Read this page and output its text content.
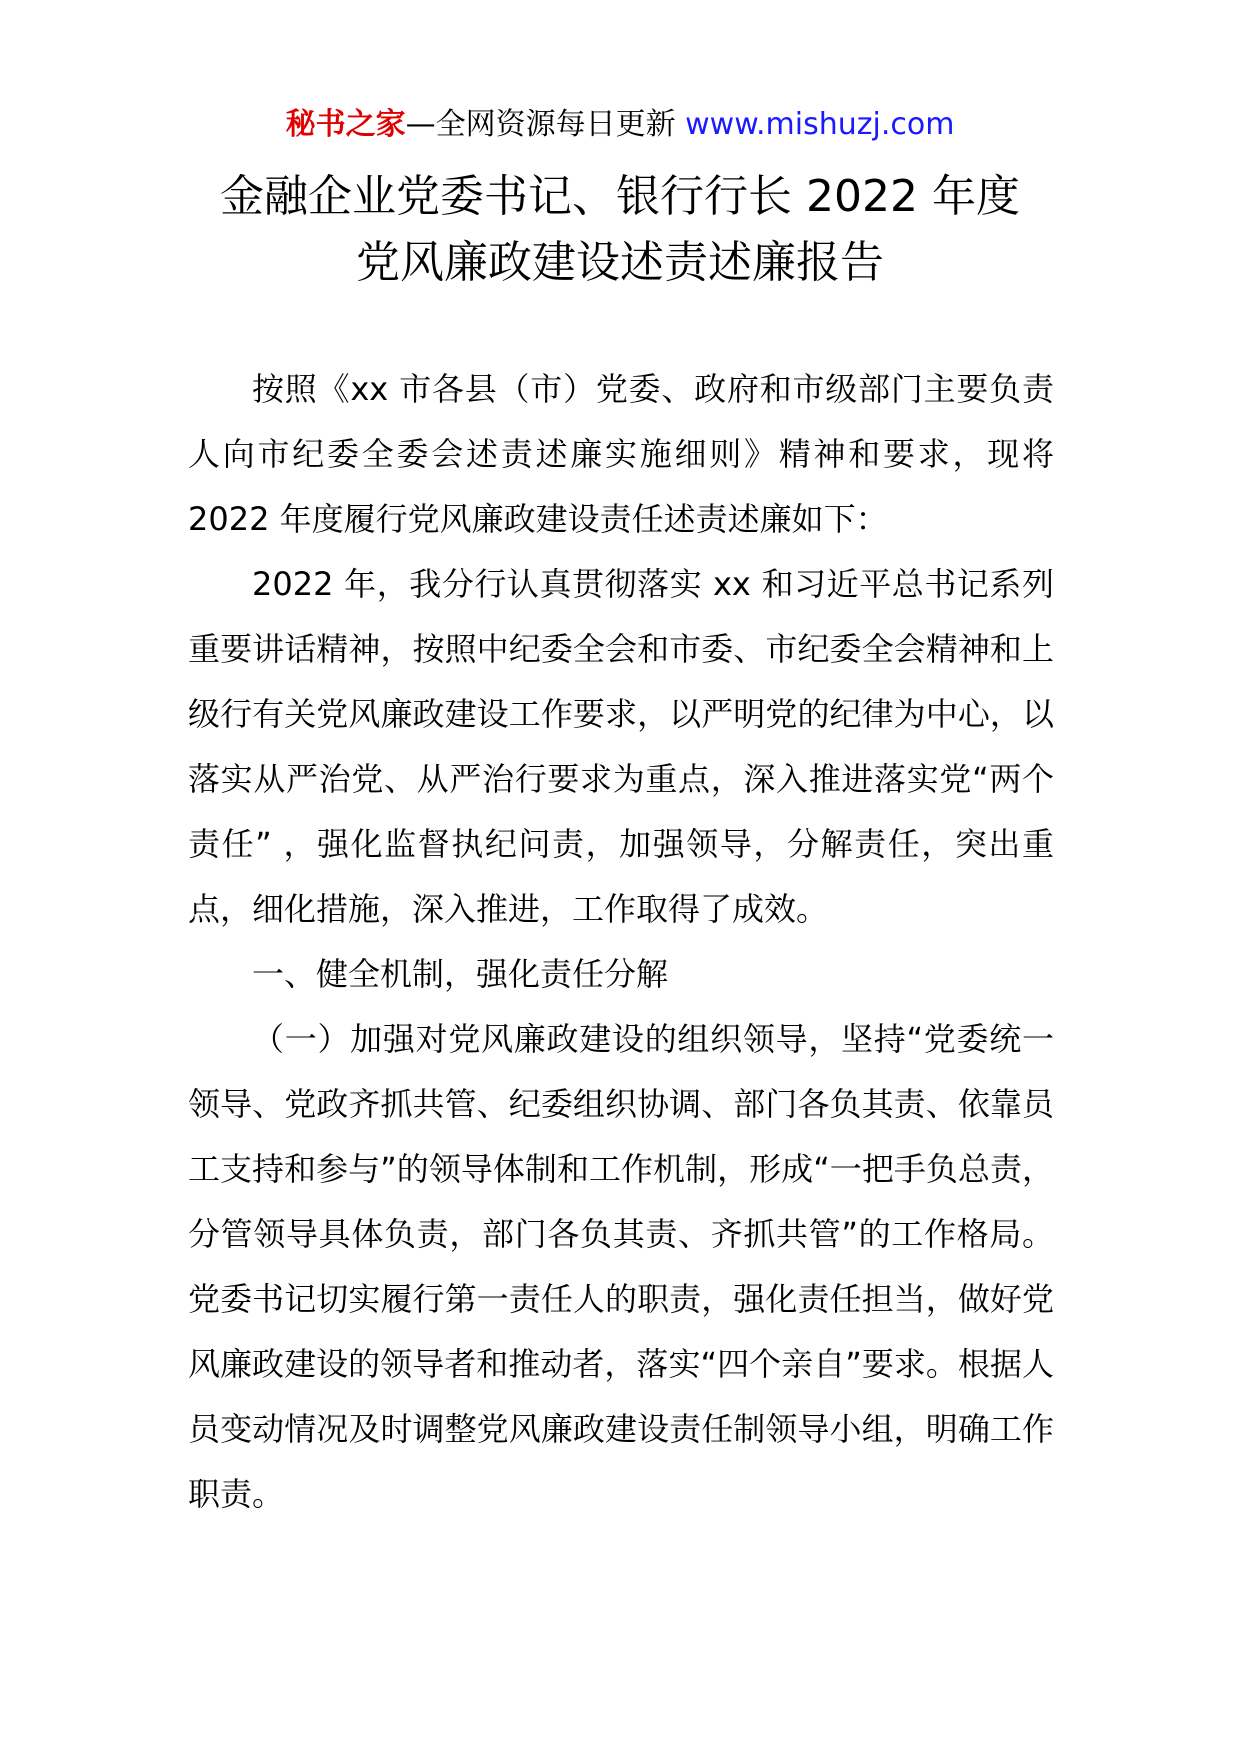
秘书之家—全网资源每日更新 www.mishuzj.com
金融企业党委书记、银行行长 2022 年度
党风廉政建设述责述廉报告

按照《xx 市各县（市）党委、政府和市级部门主要负责人向市纪委全委会述责述廉实施细则》精神和要求，现将 2022 年度履行党风廉政建设责任述责述廉如下：

2022 年，我分行认真贯彻落实 xx 和习近平总书记系列重要讲话精神，按照中纪委全会和市委、市纪委全会精神和上级行有关党风廉政建设工作要求，以严明党的纪律为中心，以落实从严治党、从严治行要求为重点，深入推进落实党“两个责任” ，强化监督执纪问责，加强领导，分解责任，突出重点，细化措施，深入推进，工作取得了成效。

一、健全机制，强化责任分解

（一）加强对党风廉政建设的组织领导，坚持“党委统一领导、党政齐抓共管、纪委组织协调、部门各负其责、依靠员工支持和参与”的领导体制和工作机制，形成“一把手负总责，分管领导具体负责，部门各负其责、齐抓共管”的工作格局。党委书记切实履行第一责任人的职责，强化责任担当，做好党风廉政建设的领导者和推动者，落实“四个亲自”要求。根据人员变动情况及时调整党风廉政建设责任制领导小组，明确工作职责。
